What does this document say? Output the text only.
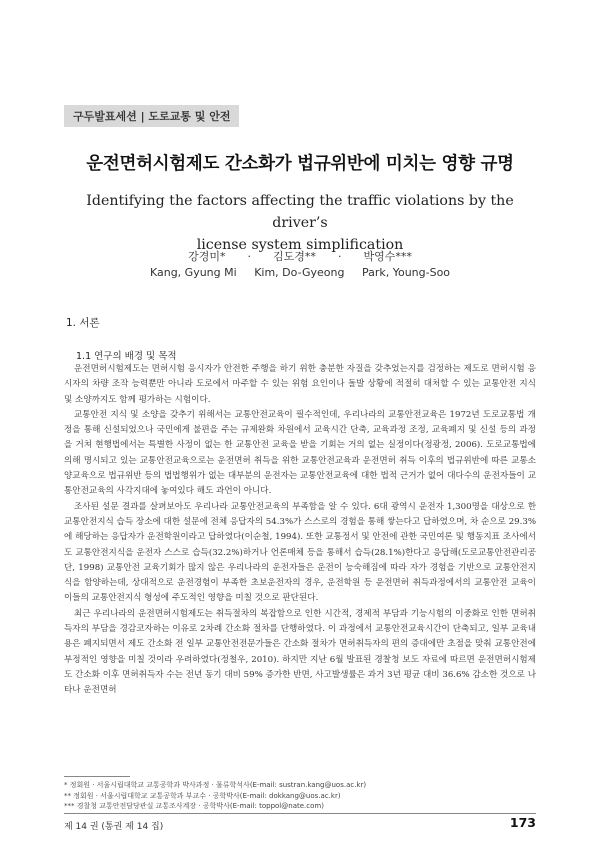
구두발표세션 | 도로교통 및 안전
운전면허시험제도 간소화가 법규위반에 미치는 영향 규명
Identifying the factors affecting the traffic violations by the driver’s
license system simplification
강경미* · 김도경** · 박영수***
Kang, Gyung Mi Kim, Do-Gyeong Park, Young-Soo
1. 서론
1.1 연구의 배경 및 목적

운전면허시험제도는 면허시험 응시자가 안전한 주행을 하기 위한 충분한 자질을 갖추었는지를 검정하는 제도로 면허시험 응시자의 차량 조작 능력뿐만 아니라 도로에서 마주할 수 있는 위험 요인이나 돌발 상황에 적절히 대처할 수 있는 교통안전 지식 및 소양까지도 함께 평가하는 시험이다.

교통안전 지식 및 소양을 갖추기 위해서는 교통안전교육이 필수적인데, 우리나라의 교통안전교육은 1972년 도로교통법 개정을 통해 신설되었으나 국민에게 불편을 주는 규제완화 차원에서 교육시간 단축, 교육과정 조정, 교육폐지 및 신설 등의 과정을 거쳐 현행법에서는 특별한 사정이 없는 한 교통안전 교육을 받을 기회는 거의 없는 실정이다(정광정, 2006). 도로교통법에 의해 명시되고 있는 교통안전교육으로는 운전면허 취득을 위한 교통안전교육과 운전면허 취득 이후의 법규위반에 따른 교통소양교육으로 법규위반 등의 법법행위가 없는 대부분의 운전자는 교통안전교육에 대한 법적 근거가 없어 대다수의 운전자들이 교통안전교육의 사각지대에 놓여있다 해도 과언이 아니다.

조사된 설문 결과를 살펴보아도 우리나라 교통안전교육의 부족함을 알 수 있다. 6대 광역시 운전자 1,300명을 대상으로 한 교통안전지식 습득 장소에 대한 설문에 전체 응답자의 54.3%가 스스로의 경험을 통해 쌓는다고 답하였으며, 차 순으로 29.3%에 해당하는 응답자가 운전학원이라고 답하였다(이순철, 1994). 또한 교통정서 및 안전에 관한 국민여론 및 행동지표 조사에서도 교통안전지식을 운전자 스스로 습득(32.2%)하거나 언론매체 등을 통해서 습득(28.1%)한다고 응답해(도로교통안전관리공단, 1998) 교통안전 교육기회가 많지 않은 우리나라의 운전자들은 운전이 능숙해짐에 따라 자가 경험을 기반으로 교통안전지식을 함양하는데, 상대적으로 운전경험이 부족한 초보운전자의 경우, 운전학원 등 운전면허 취득과정에서의 교통안전 교육이 이들의 교통안전지식 형성에 주도적인 영향을 미칠 것으로 판단된다.

최근 우리나라의 운전면허시험제도는 취득절차의 복잡함으로 인한 시간적, 경제적 부담과 기능시험의 이중화로 인한 면허취득자의 부담을 경감코자하는 이유로 2차례 간소화 절차를 단행하였다. 이 과정에서 교통안전교육시간이 단축되고, 일부 교육내용은 폐지되면서 제도 간소화 전 일부 교통안전전문가들은 간소화 절차가 면허취득자의 편의 증대에만 초점을 맞춰 교통안전에 부정적인 영향을 미칠 것이라 우려하였다(정철우, 2010). 하지만 지난 6월 발표된 경찰청 보도 자료에 따르면 운전면허시험제도 간소화 이후 면허취득자 수는 전년 동기 대비 59% 증가한 반면, 사고발생률은 과거 3년 평균 대비 36.6% 감소한 것으로 나타나 운전면허

* 정회원 · 서울시립대학교 교통공학과 박사과정 · 물류학석사(E-mail: sustran.kang@uos.ac.kr)
** 정회원 · 서울시립대학교 교통공학과 부교수 · 공학박사(E-mail: dokkang@uos.ac.kr)
*** 경찰청 교통안전담당관실 교통조사계장 · 공학박사(E-mail: toppol@nate.com)
제 14 권 (통권 제 14 집)	173
